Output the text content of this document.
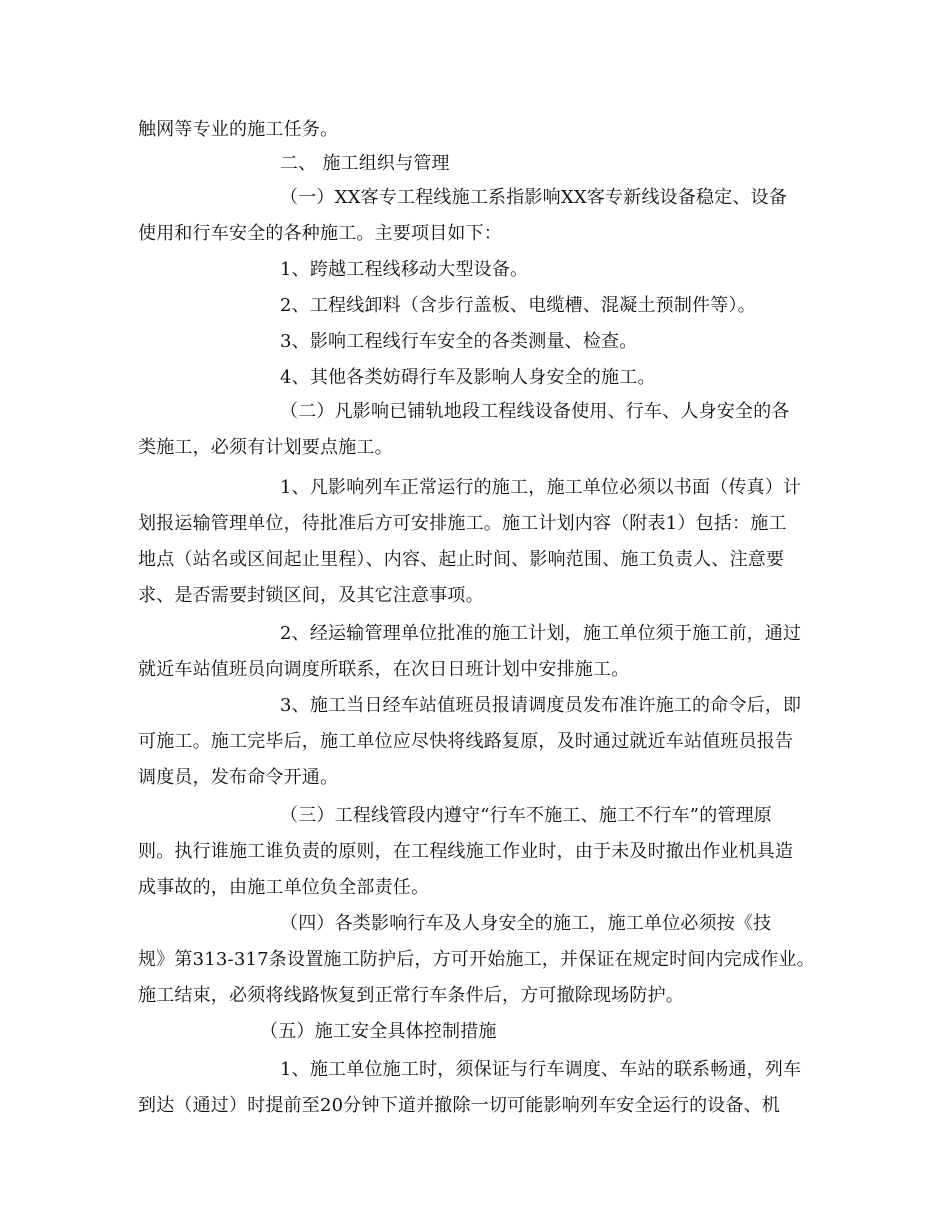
触网等专业的施工任务。
二、 施工组织与管理
（一）XX客专工程线施工系指影响XX客专新线设备稳定、设备
使用和行车安全的各种施工。主要项目如下：
1、跨越工程线移动大型设备。
2、工程线卸料（含步行盖板、电缆槽、混凝土预制件等）。
3、影响工程线行车安全的各类测量、检查。
4、其他各类妨碍行车及影响人身安全的施工。
（二）凡影响已铺轨地段工程线设备使用、行车、人身安全的各
类施工，必须有计划要点施工。
1、凡影响列车正常运行的施工，施工单位必须以书面（传真）计
划报运输管理单位，待批准后方可安排施工。施工计划内容（附表1）包括：施工
地点（站名或区间起止里程）、内容、起止时间、影响范围、施工负责人、注意要
求、是否需要封锁区间，及其它注意事项。
2、经运输管理单位批准的施工计划，施工单位须于施工前，通过
就近车站值班员向调度所联系，在次日日班计划中安排施工。
3、施工当日经车站值班员报请调度员发布准许施工的命令后，即
可施工。施工完毕后，施工单位应尽快将线路复原，及时通过就近车站值班员报告
调度员，发布命令开通。
（三）工程线管段内遵守“行车不施工、施工不行车”的管理原
则。执行谁施工谁负责的原则，在工程线施工作业时，由于未及时撤出作业机具造
成事故的，由施工单位负全部责任。
（四）各类影响行车及人身安全的施工，施工单位必须按《技
规》第313-317条设置施工防护后，方可开始施工，并保证在规定时间内完成作业。
施工结束，必须将线路恢复到正常行车条件后，方可撤除现场防护。
（五）施工安全具体控制措施
1、施工单位施工时，须保证与行车调度、车站的联系畅通，列车
到达（通过）时提前至20分钟下道并撤除一切可能影响列车安全运行的设备、机
